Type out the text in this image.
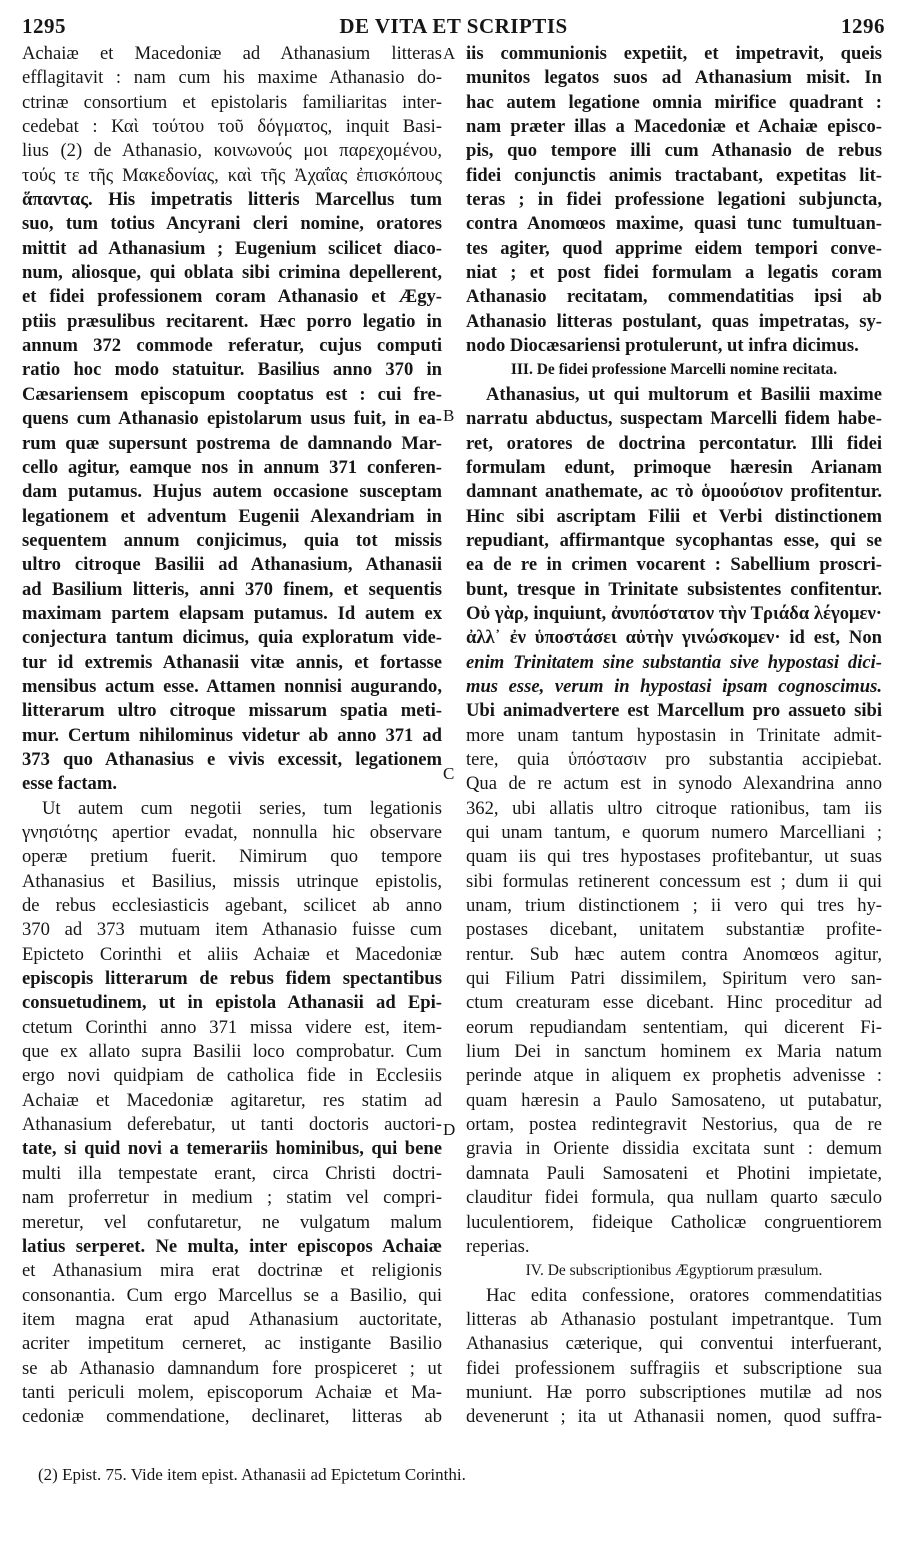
1295	DE VITA ET SCRIPTIS	1296
Achaiæ et Macedoniæ ad Athanasium litteras
efflagitavit : nam cum his maxime Athanasio do-
ctrinæ consortium et epistolaris familiaritas inter-
cedebat : Καὶ τούτου τοῦ δόγματος, inquit Basi-
lius (2) de Athanasio, κοινωνούς μοι παρεχομένου,
τούς τε τῆς Μακεδονίας, καὶ τῆς Ἀχαΐας ἐπισκόπους
ἅπαντας. His impetratis litteris Marcellus tum
suo, tum totius Ancyrani cleri nomine, oratores
mittit ad Athanasium ; Eugenium scilicet diaco-
num, aliosque, qui oblata sibi crimina depellerent,
et fidei professionem coram Athanasio et Ægy-
ptiis præsulibus recitarent. Hæc porro legatio in
annum 372 commode referatur, cujus computi
ratio hoc modo statuitur. Basilius anno 370 in
Cæsariensem episcopum cooptatus est : cui fre-
quens cum Athanasio epistolarum usus fuit, in ea-
rum quæ supersunt postrema de damnando Mar-
cello agitur, eamque nos in annum 371 conferen-
dam putamus. Hujus autem occasione susceptam
legationem et adventum Eugenii Alexandriam in
sequentem annum conjicimus, quia tot missis
ultro citroque Basilii ad Athanasium, Athanasii
ad Basilium litteris, anni 370 finem, et sequentis
maximam partem elapsam putamus. Id autem ex
conjectura tantum dicimus, quia exploratum vide-
tur id extremis Athanasii vitæ annis, et fortasse
mensibus actum esse. Attamen nonnisi augurando,
litterarum ultro citroque missarum spatia meti-
mur. Certum nihilominus videtur ab anno 371 ad
373 quo Athanasius e vivis excessit, legationem
esse factam.
Ut autem cum negotii series, tum legationis
γνησιότης apertior evadat, nonnulla hic observare
operæ pretium fuerit. Nimirum quo tempore
Athanasius et Basilius, missis utrinque epistolis,
de rebus ecclesiasticis agebant, scilicet ab anno
370 ad 373 mutuam item Athanasio fuisse cum
Epicteto Corinthi et aliis Achaiæ et Macedoniæ
episcopis litterarum de rebus fidem spectantibus
consuetudinem, ut in epistola Athanasii ad Epi-
ctetum Corinthi anno 371 missa videre est, item-
que ex allato supra Basilii loco comprobatur. Cum
ergo novi quidpiam de catholica fide in Ecclesiis
Achaiæ et Macedoniæ agitaretur, res statim ad
Athanasium deferebatur, ut tanti doctoris auctori-
tate, si quid novi a temerariis hominibus, qui bene
multi illa tempestate erant, circa Christi doctri-
nam proferretur in medium ; statim vel compri-
meretur, vel confutaretur, ne vulgatum malum
latius serperet. Ne multa, inter episcopos Achaiæ
et Athanasium mira erat doctrinæ et religionis
consonantia. Cum ergo Marcellus se a Basilio, qui
item magna erat apud Athanasium auctoritate,
acriter impetitum cerneret, ac instigante Basilio
se ab Athanasio damnandum fore prospiceret ; ut
tanti periculi molem, episcoporum Achaiæ et Ma-
cedoniæ commendatione, declinaret, litteras ab
A
B
C
D
iis communionis expetiit, et impetravit, queis
munitos legatos suos ad Athanasium misit. In
hac autem legatione omnia mirifice quadrant :
nam præter illas a Macedoniæ et Achaiæ episco-
pis, quo tempore illi cum Athanasio de rebus
fidei conjunctis animis tractabant, expetitas lit-
teras ; in fidei professione legationi subjuncta,
contra Anomœos maxime, quasi tunc tumultuan-
tes agiter, quod apprime eidem tempori conve-
niat ; et post fidei formulam a legatis coram
Athanasio recitatam, commendatitias ipsi ab
Athanasio litteras postulant, quas impetratas, sy-
nodo Diocæsariensi protulerunt, ut infra dicimus.
III. De fidei professione Marcelli nomine recitata.
Athanasius, ut qui multorum et Basilii maxime
narratu abductus, suspectam Marcelli fidem habe-
ret, oratores de doctrina percontatur. Illi fidei
formulam edunt, primoque hæresin Arianam
damnant anathemate, ac τὸ ὁμοούσιον profitentur.
Hinc sibi ascriptam Filii et Verbi distinctionem
repudiant, affirmantque sycophantas esse, qui se
ea de re in crimen vocarent : Sabellium proscri-
bunt, tresque in Trinitate subsistentes confitentur.
Οὐ γὰρ, inquiunt, ἀνυπόστατον τὴν Τριάδα λέγομεν·
ἀλλ᾽ ἐν ὑποστάσει αὐτὴν γινώσκομεν· id est, Non
enim Trinitatem sine substantia sive hypostasi dici-
mus esse, verum in hypostasi ipsam cognoscimus.
Ubi animadvertere est Marcellum pro assueto sibi
more unam tantum hypostasin in Trinitate admit-
tere, quia ὑπόστασιν pro substantia accipiebat.
Qua de re actum est in synodo Alexandrina anno
362, ubi allatis ultro citroque rationibus, tam iis
qui unam tantum, e quorum numero Marcelliani ;
quam iis qui tres hypostases profitebantur, ut suas
sibi formulas retinerent concessum est ; dum ii qui
unam, trium distinctionem ; ii vero qui tres hy-
postases dicebant, unitatem substantiæ profite-
rentur. Sub hæc autem contra Anomœos agitur,
qui Filium Patri dissimilem, Spiritum vero san-
ctum creaturam esse dicebant. Hinc proceditur ad
eorum repudiandam sententiam, qui dicerent Fi-
lium Dei in sanctum hominem ex Maria natum
perinde atque in aliquem ex prophetis advenisse :
quam hæresin a Paulo Samosateno, ut putabatur,
ortam, postea redintegravit Nestorius, qua de re
gravia in Oriente dissidia excitata sunt : demum
damnata Pauli Samosateni et Photini impietate,
clauditur fidei formula, qua nullam quarto sæculo
luculentiorem, fideique Catholicæ congruentiorem
reperias.
IV. De subscriptionibus Ægyptiorum præsulum.
Hac edita confessione, oratores commendatitias
litteras ab Athanasio postulant impetrantque. Tum
Athanasius cæterique, qui conventui interfuerant,
fidei professionem suffragiis et subscriptione sua
muniunt. Hæ porro subscriptiones mutilæ ad nos
devenerunt ; ita ut Athanasii nomen, quod suffra-
(2) Epist. 75. Vide item epist. Athanasii ad Epictetum Corinthi.
